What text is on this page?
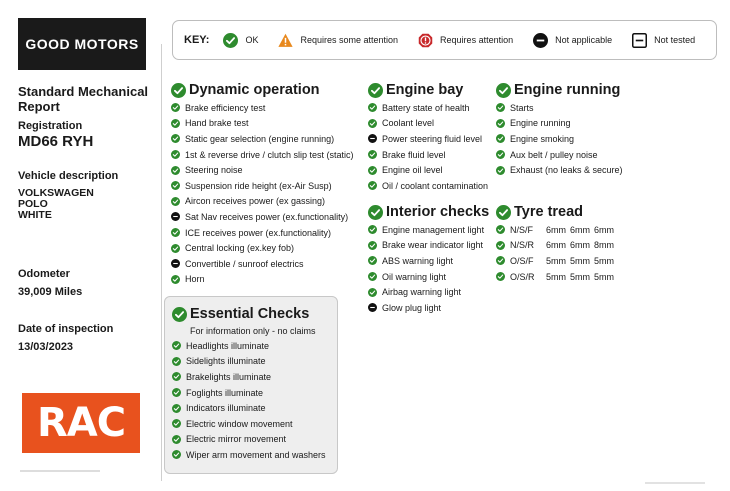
GOOD MOTORS
Standard Mechanical Report
Registration
MD66 RYH
Vehicle description
VOLKSWAGEN
POLO
WHITE
Odometer
39,009 Miles
Date of inspection
13/03/2023
RAC
KEY:	OK	Requires some attention	Requires attention	Not applicable	Not tested
Dynamic operation
Brake efficiency test
Hand brake test
Static gear selection (engine running)
1st & reverse drive / clutch slip test (static)
Steering noise
Suspension ride height (ex-Air Susp)
Aircon receives power (ex gassing)
Sat Nav receives power (ex.functionality)
ICE receives power (ex.functionality)
Central locking (ex.key fob)
Convertible / sunroof electrics
Horn
Essential Checks
For information only - no claims
Headlights illuminate
Sidelights illuminate
Brakelights illuminate
Foglights illuminate
Indicators illuminate
Electric window movement
Electric mirror movement
Wiper arm movement and washers
Engine bay
Battery state of health
Coolant level
Power steering fluid level
Brake fluid level
Engine oil level
Oil / coolant contamination
Interior checks
Engine management light
Brake wear indicator light
ABS warning light
Oil warning light
Airbag warning light
Glow plug light
Engine running
Starts
Engine running
Engine smoking
Aux belt / pulley noise
Exhaust (no leaks & secure)
Tyre tread
N/S/F	6mm 6mm 6mm
N/S/R	6mm 6mm 8mm
O/S/F	5mm 5mm 5mm
O/S/R	5mm 5mm 5mm
